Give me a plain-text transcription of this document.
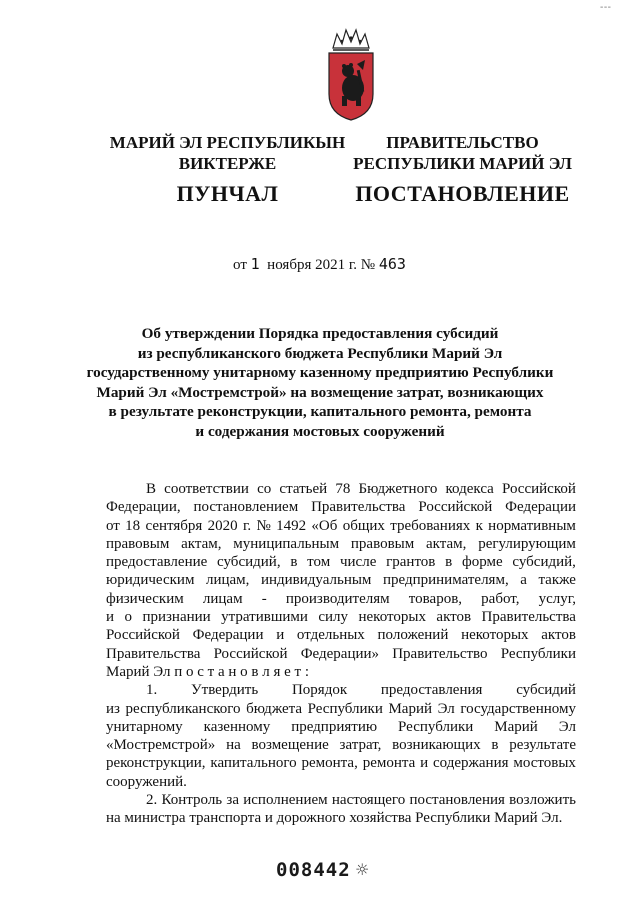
---
МАРИЙ ЭЛ РЕСПУБЛИКЫН
ВИКТЕРЖЕ
ПУНЧАЛ
ПРАВИТЕЛЬСТВО
РЕСПУБЛИКИ МАРИЙ ЭЛ
ПОСТАНОВЛЕНИЕ
от 1 ноября 2021 г. № 463
Об утверждении Порядка предоставления субсидий
из республиканского бюджета Республики Марий Эл
государственному унитарному казенному предприятию Республики
Марий Эл «Мостремстрой» на возмещение затрат, возникающих
в результате реконструкции, капитального ремонта, ремонта
и содержания мостовых сооружений
В соответствии со статьей 78 Бюджетного кодекса Российской
Федерации, постановлением Правительства Российской Федерации
от 18 сентября 2020 г. № 1492 «Об общих требованиях к нормативным
правовым актам, муниципальным правовым актам, регулирующим
предоставление субсидий, в том числе грантов в форме субсидий,
юридическим лицам, индивидуальным предпринимателям, а также
физическим лицам - производителям товаров, работ, услуг,
и о признании утратившими силу некоторых актов Правительства
Российской Федерации и отдельных положений некоторых актов
Правительства Российской Федерации» Правительство Республики
Марий Эл п о с т а н о в л я е т :
1. Утвердить Порядок предоставления субсидий
из республиканского бюджета Республики Марий Эл государственному
унитарному казенному предприятию Республики Марий Эл
«Мостремстрой» на возмещение затрат, возникающих в результате
реконструкции, капитального ремонта, ремонта и содержания мостовых
сооружений.
2. Контроль за исполнением настоящего постановления возложить
на министра транспорта и дорожного хозяйства Республики Марий Эл.
008442 ☼
